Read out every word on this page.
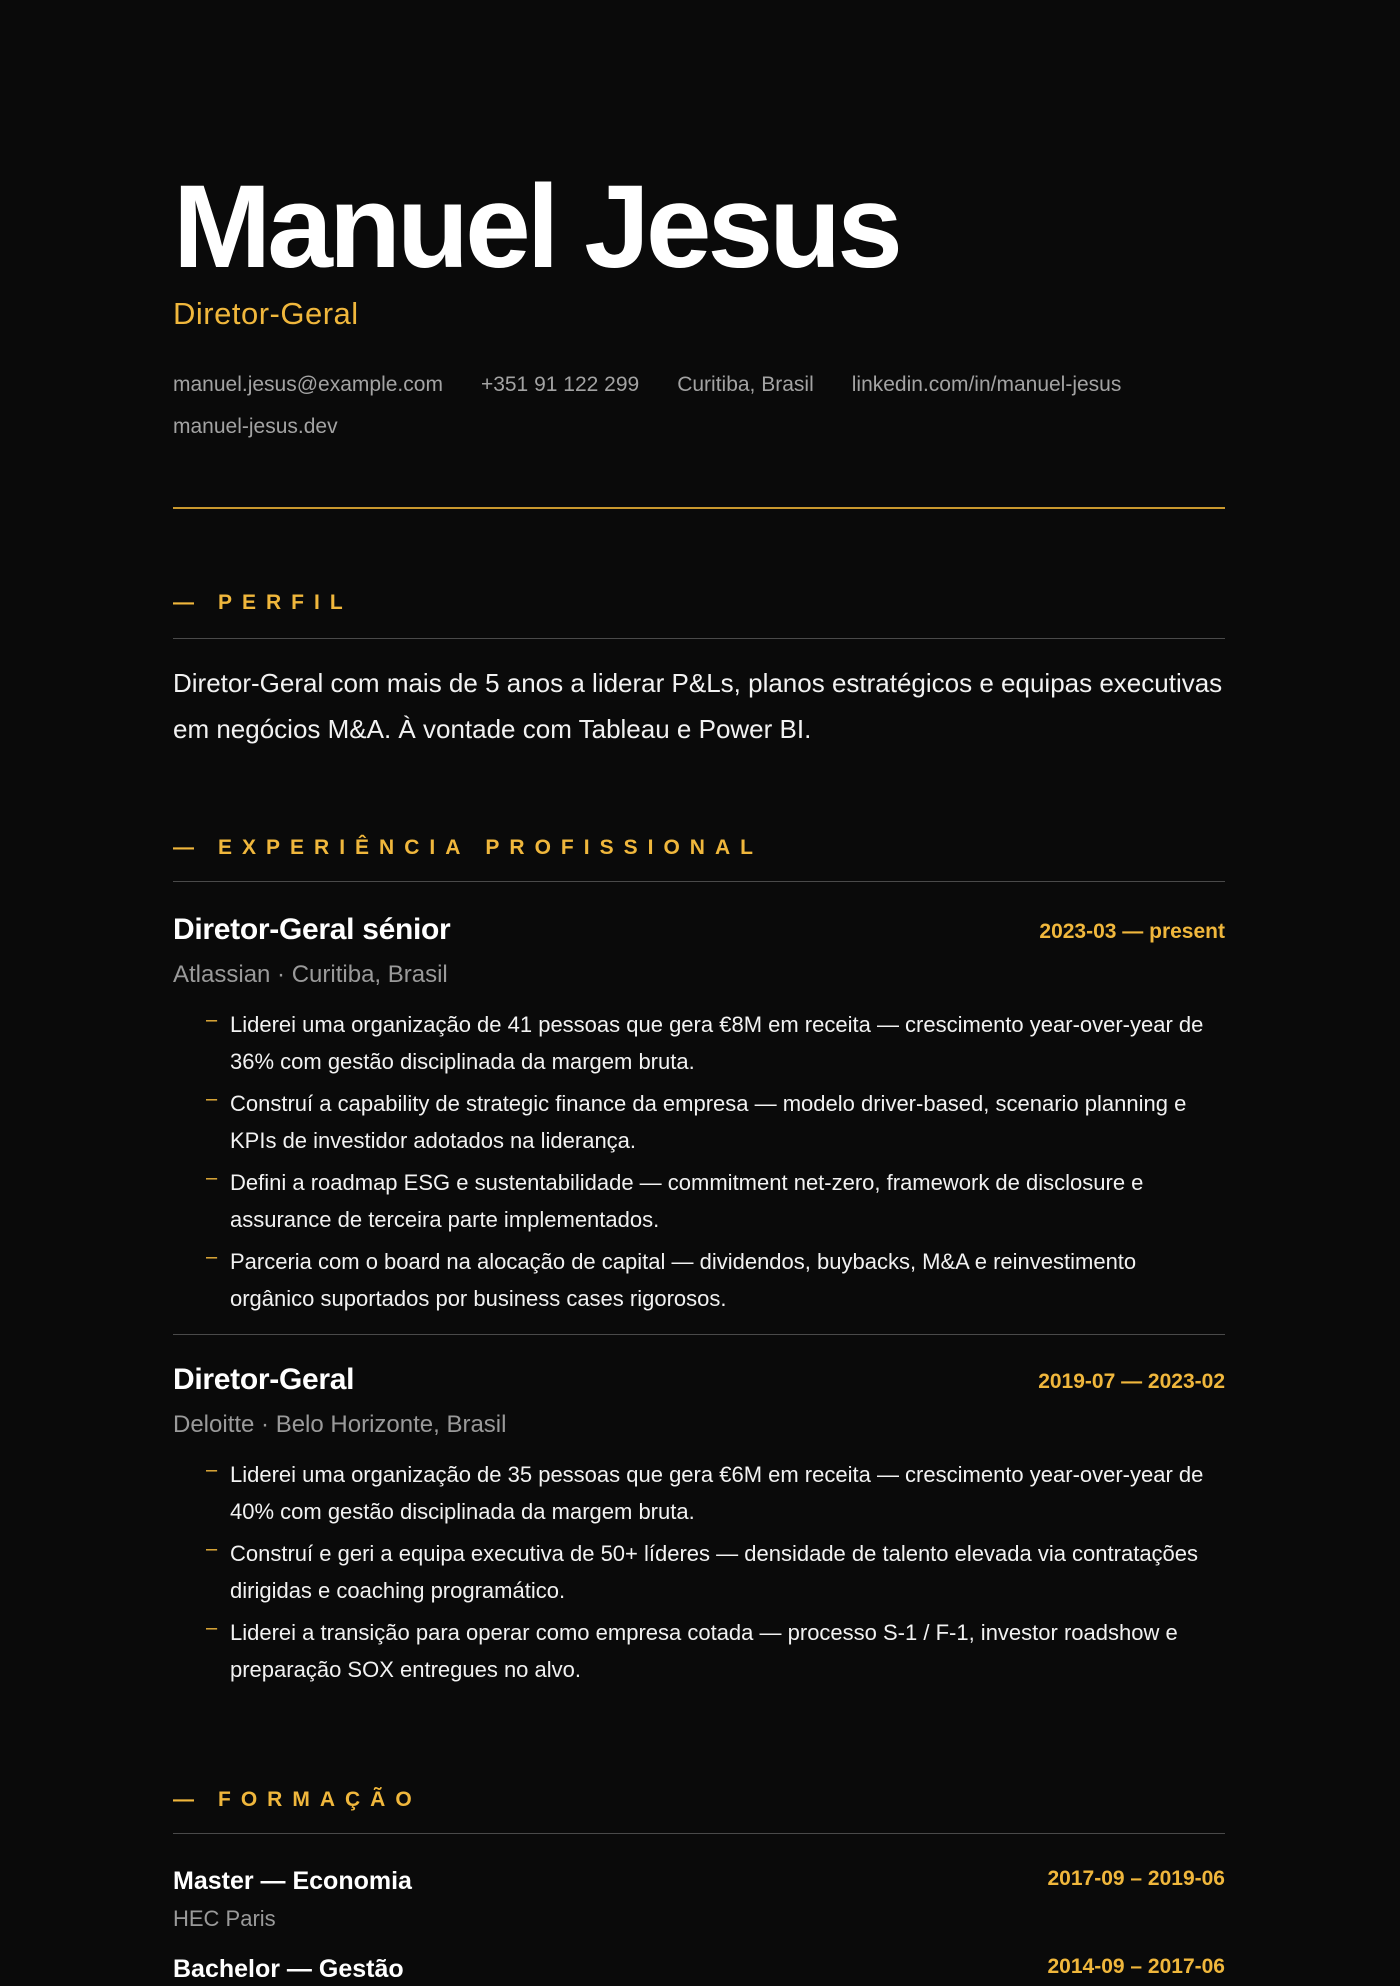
Manuel Jesus
Diretor-Geral
manuel.jesus@example.com +351 91 122 299 Curitiba, Brasil linkedin.com/in/manuel-jesusmanuel-jesus.dev
— PERFIL
Diretor-Geral com mais de 5 anos a liderar P&Ls, planos estratégicos e equipas executivas em negócios M&A. À vontade com Tableau e Power BI.
— EXPERIÊNCIA PROFISSIONAL
Diretor-Geral sénior	2023-03 — present
Atlassian · Curitiba, Brasil
– Liderei uma organização de 41 pessoas que gera €8M em receita — crescimento year-over-year de 36% com gestão disciplinada da margem bruta.
– Construí a capability de strategic finance da empresa — modelo driver-based, scenario planning e KPIs de investidor adotados na liderança.
– Defini a roadmap ESG e sustentabilidade — commitment net-zero, framework de disclosure e assurance de terceira parte implementados.
– Parceria com o board na alocação de capital — dividendos, buybacks, M&A e reinvestimento orgânico suportados por business cases rigorosos.
Diretor-Geral	2019-07 — 2023-02
Deloitte · Belo Horizonte, Brasil
– Liderei uma organização de 35 pessoas que gera €6M em receita — crescimento year-over-year de 40% com gestão disciplinada da margem bruta.
– Construí e geri a equipa executiva de 50+ líderes — densidade de talento elevada via contratações dirigidas e coaching programático.
– Liderei a transição para operar como empresa cotada — processo S-1 / F-1, investor roadshow e preparação SOX entregues no alvo.
— FORMAÇÃO
Master — Economia	2017-09 – 2019-06
HEC Paris
Bachelor — Gestão	2014-09 – 2017-06
